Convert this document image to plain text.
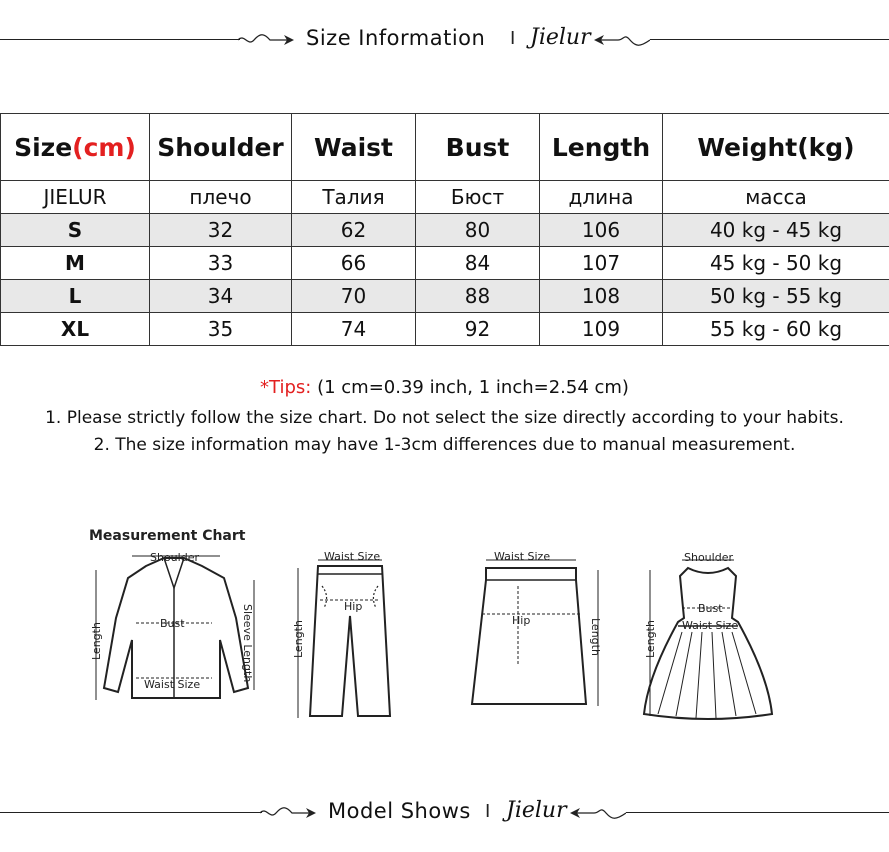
Size Information I Jielur
Size(cm)	Shoulder	Waist	Bust	Length	Weight(kg)
JIELUR	плечо	Талия	Бюст	длина	масса
S	32	62	80	106	40 kg - 45 kg
M	33	66	84	107	45 kg - 50 kg
L	34	70	88	108	50 kg - 55 kg
XL	35	74	92	109	55 kg - 60 kg
*Tips: (1 cm=0.39 inch, 1 inch=2.54 cm)
1. Please strictly follow the size chart. Do not select the size directly according to your habits.
2. The size information may have 1-3cm differences due to manual measurement.
Measurement Chart
Shoulder
Bust
Waist Size
Length	Sleeve Length
Waist Size
Hip
Length
Waist Size
Hip	Length
Shoulder
Bust
Waist Size
Length
Model Shows I Jielur
